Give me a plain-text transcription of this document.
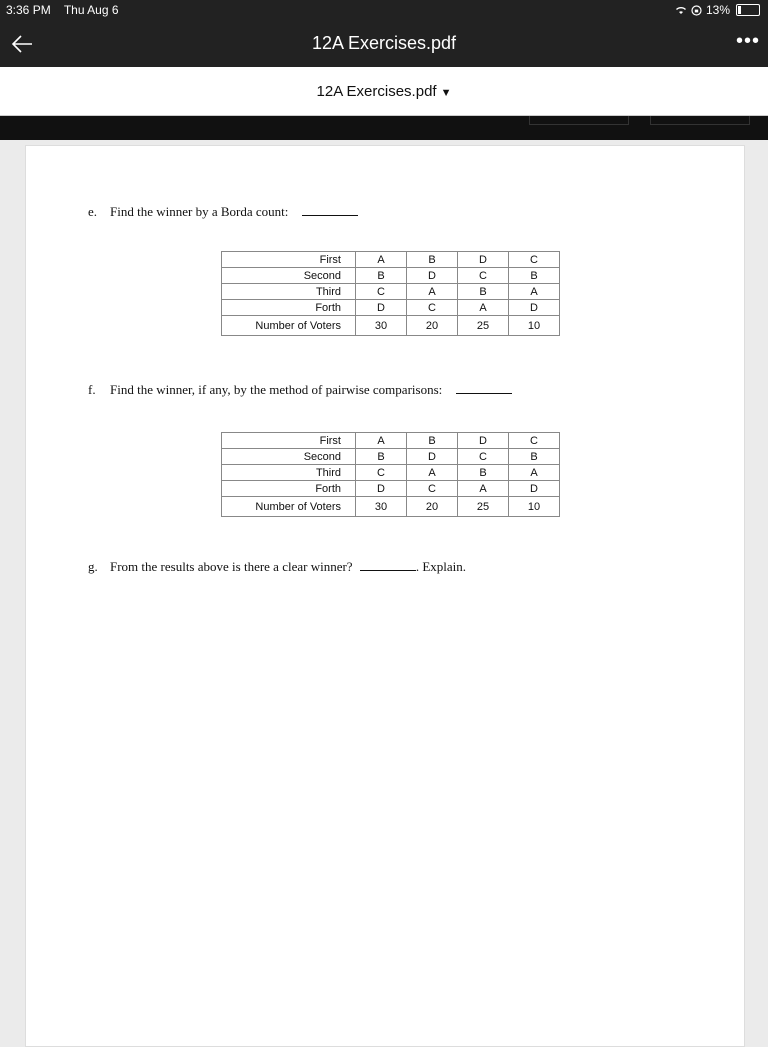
3:36 PM Thu Aug 6	13%
12A Exercises.pdf	•••
12A Exercises.pdf ▼
e. Find the winner by a Borda count:
First	A	B	D	C
Second	B	D	C	B
Third	C	A	B	A
Forth	D	C	A	D
Number of Voters	30	20	25	10
f. Find the winner, if any, by the method of pairwise comparisons:
First	A	B	D	C
Second	B	D	C	B
Third	C	A	B	A
Forth	D	C	A	D
Number of Voters	30	20	25	10
g. From the results above is there a clear winner?	. Explain.
